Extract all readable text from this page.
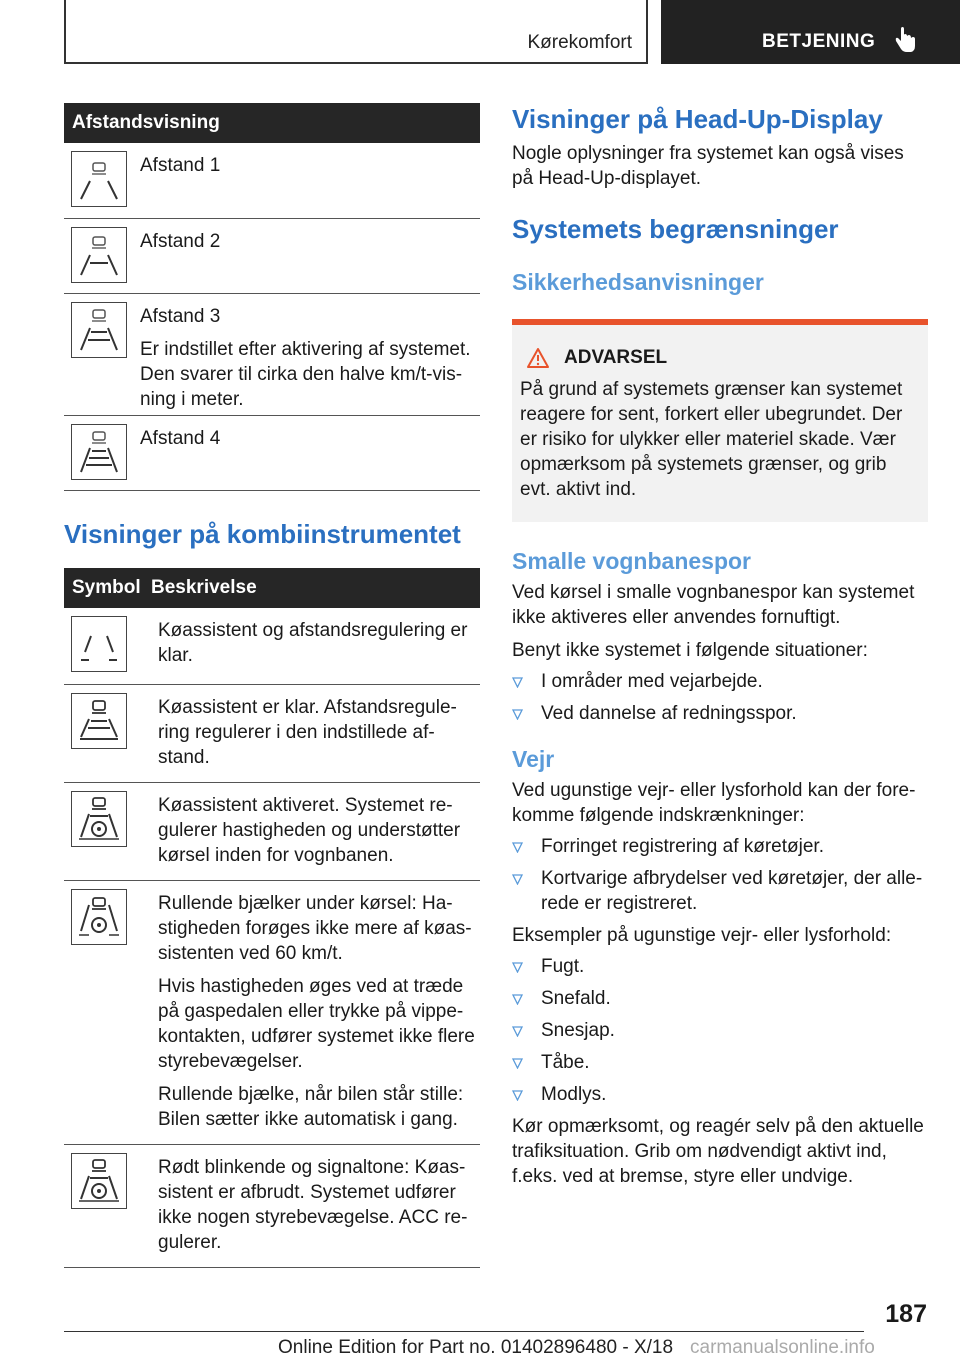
Kørekomfort	BETJENING
Afstandsvisning

Afstand 1

Afstand 2

Afstand 3

Er indstillet efter aktivering af systemet. Den svarer til cirka den halve km/t-vis-ning i meter.

Afstand 4

Visninger på kombiinstrumentet
Symbol Beskrivelse

Køassistent og afstandsregulering er klar.

Køassistent er klar. Afstandsregule-ring regulerer i den indstillede af-stand.

Køassistent aktiveret. Systemet re-gulerer hastigheden og understøtter kørsel inden for vognbanen.

Rullende bjælker under kørsel: Ha-stigheden forøges ikke mere af køas-sistenten ved 60 km/t.

Hvis hastigheden øges ved at træde på gaspedalen eller trykke på vippe-kontakten, udfører systemet ikke flere styrebevægelser.

Rullende bjælke, når bilen står stille: Bilen sætter ikke automatisk i gang.

Rødt blinkende og signaltone: Køas-sistent er afbrudt. Systemet udfører ikke nogen styrebevægelse. ACC re-gulerer.

Visninger på Head-Up-Display

Nogle oplysninger fra systemet kan også vises på Head-Up-displayet.

Systemets begrænsninger
Sikkerhedsanvisninger
ADVARSEL

På grund af systemets grænser kan systemet reagere for sent, forkert eller ubegrundet. Der er risiko for ulykker eller materiel skade. Vær opmærksom på systemets grænser, og grib evt. aktivt ind.

Smalle vognbanespor

Ved kørsel i smalle vognbanespor kan systemet ikke aktiveres eller anvendes fornuftigt.

Benyt ikke systemet i følgende situationer:

I områder med vejarbejde.
Ved dannelse af redningsspor.
Vejr

Ved ugunstige vejr- eller lysforhold kan der fore-komme følgende indskrænkninger:

Forringet registrering af køretøjer.
Kortvarige afbrydelser ved køretøjer, der alle-rede er registreret.

Eksempler på ugunstige vejr- eller lysforhold:

Fugt.
Snefald.
Snesjap.
Tåbe.
Modlys.

Kør opmærksomt, og reagér selv på den aktuelle trafiksituation. Grib om nødvendigt aktivt ind, f.eks. ved at bremse, styre eller undvige.

187
Online Edition for Part no. 01402896480 - X/18 carmanualsonline.info
